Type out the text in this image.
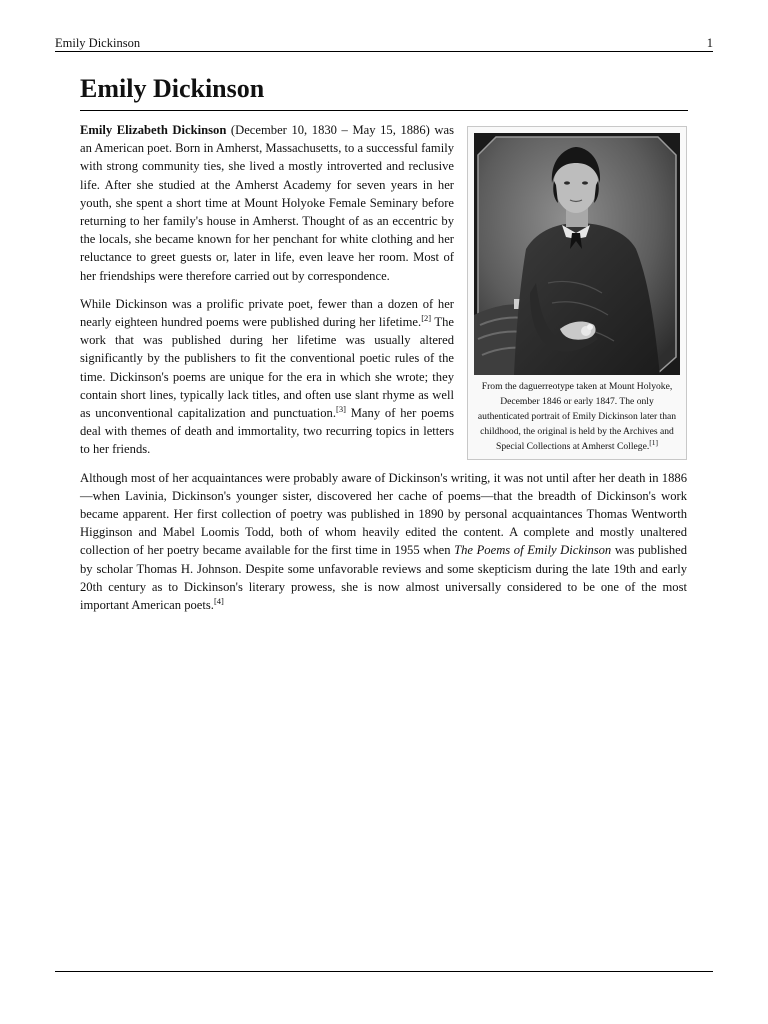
Emily Dickinson	1
Emily Dickinson
From the daguerreotype taken at Mount Holyoke, December 1846 or early 1847. The only authenticated portrait of Emily Dickinson later than childhood, the original is held by the Archives and Special Collections at Amherst College.[1]

Emily Elizabeth Dickinson (December 10, 1830 – May 15, 1886) was an American poet. Born in Amherst, Massachusetts, to a successful family with strong community ties, she lived a mostly introverted and reclusive life. After she studied at the Amherst Academy for seven years in her youth, she spent a short time at Mount Holyoke Female Seminary before returning to her family's house in Amherst. Thought of as an eccentric by the locals, she became known for her penchant for white clothing and her reluctance to greet guests or, later in life, even leave her room. Most of her friendships were therefore carried out by correspondence.

While Dickinson was a prolific private poet, fewer than a dozen of her nearly eighteen hundred poems were published during her lifetime.[2] The work that was published during her lifetime was usually altered significantly by the publishers to fit the conventional poetic rules of the time. Dickinson's poems are unique for the era in which she wrote; they contain short lines, typically lack titles, and often use slant rhyme as well as unconventional capitalization and punctuation.[3] Many of her poems deal with themes of death and immortality, two recurring topics in letters to her friends.

Although most of her acquaintances were probably aware of Dickinson's writing, it was not until after her death in 1886—when Lavinia, Dickinson's younger sister, discovered her cache of poems—that the breadth of Dickinson's work became apparent. Her first collection of poetry was published in 1890 by personal acquaintances Thomas Wentworth Higginson and Mabel Loomis Todd, both of whom heavily edited the content. A complete and mostly unaltered collection of her poetry became available for the first time in 1955 when The Poems of Emily Dickinson was published by scholar Thomas H. Johnson. Despite some unfavorable reviews and some skepticism during the late 19th and early 20th century as to Dickinson's literary prowess, she is now almost universally considered to be one of the most important American poets.[4]
